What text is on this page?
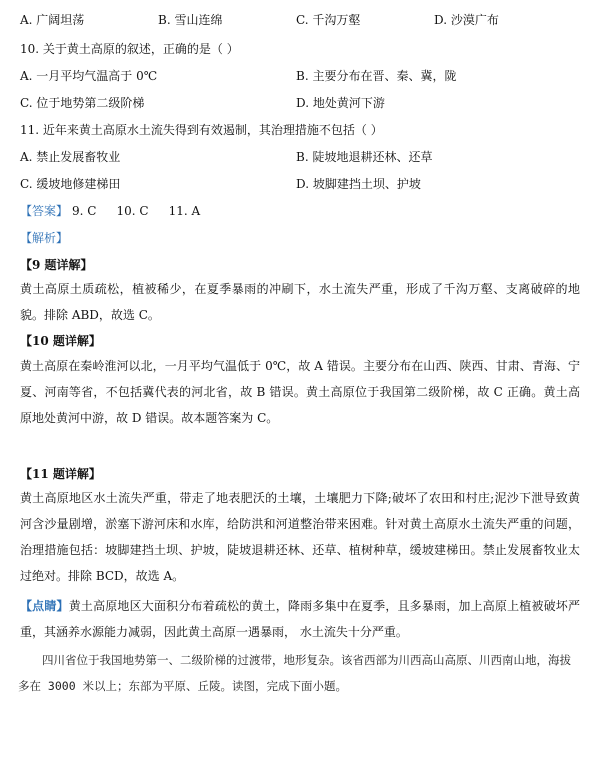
A. 广阔坦荡	B. 雪山连绵	C. 千沟万壑	D. 沙漠广布
10. 关于黄土高原的叙述，正确的是（ ）
A. 一月平均气温高于 0℃	B. 主要分布在晋、秦、冀，陇
C. 位于地势第二级阶梯	D. 地处黄河下游
11. 近年来黄土高原水土流失得到有效遏制，其治理措施不包括（ ）
A. 禁止发展畜牧业	B. 陡坡地退耕还林、还草
C. 缓坡地修建梯田	D. 坡脚建挡土坝、护坡
【答案】 9. C 10. C 11. A
【解析】
【9 题详解】
黄土高原土质疏松，植被稀少，在夏季暴雨的冲刷下，水土流失严重，形成了千沟万壑、支离破碎的地貌。排除 ABD，故选 C。
【10 题详解】
黄土高原在秦岭淮河以北，一月平均气温低于 0℃，故 A 错误。主要分布在山西、陕西、甘肃、青海、宁夏、河南等省，不包括冀代表的河北省，故 B 错误。黄土高原位于我国第二级阶梯，故 C 正确。黄土高原地处黄河中游，故 D 错误。故本题答案为 C。
【11 题详解】
黄土高原地区水土流失严重，带走了地表肥沃的土壤，土壤肥力下降;破坏了农田和村庄;泥沙下泄导致黄河含沙量剧增，淤塞下游河床和水库，给防洪和河道整治带来困难。针对黄土高原水土流失严重的问题，治理措施包括：坡脚建挡土坝、护坡，陡坡退耕还林、还草、植树种草，缓坡建梯田。禁止发展畜牧业太过绝对。排除 BCD，故选 A。
【点睛】黄土高原地区大面积分布着疏松的黄土，降雨多集中在夏季，且多暴雨，加上高原上植被破坏严重，其涵养水源能力减弱，因此黄土高原一遇暴雨， 水土流失十分严重。
四川省位于我国地势第一、二级阶梯的过渡带，地形复杂。该省西部为川西高山高原、川西南山地，海拔多在 3000 米以上；东部为平原、丘陵。读图，完成下面小题。
